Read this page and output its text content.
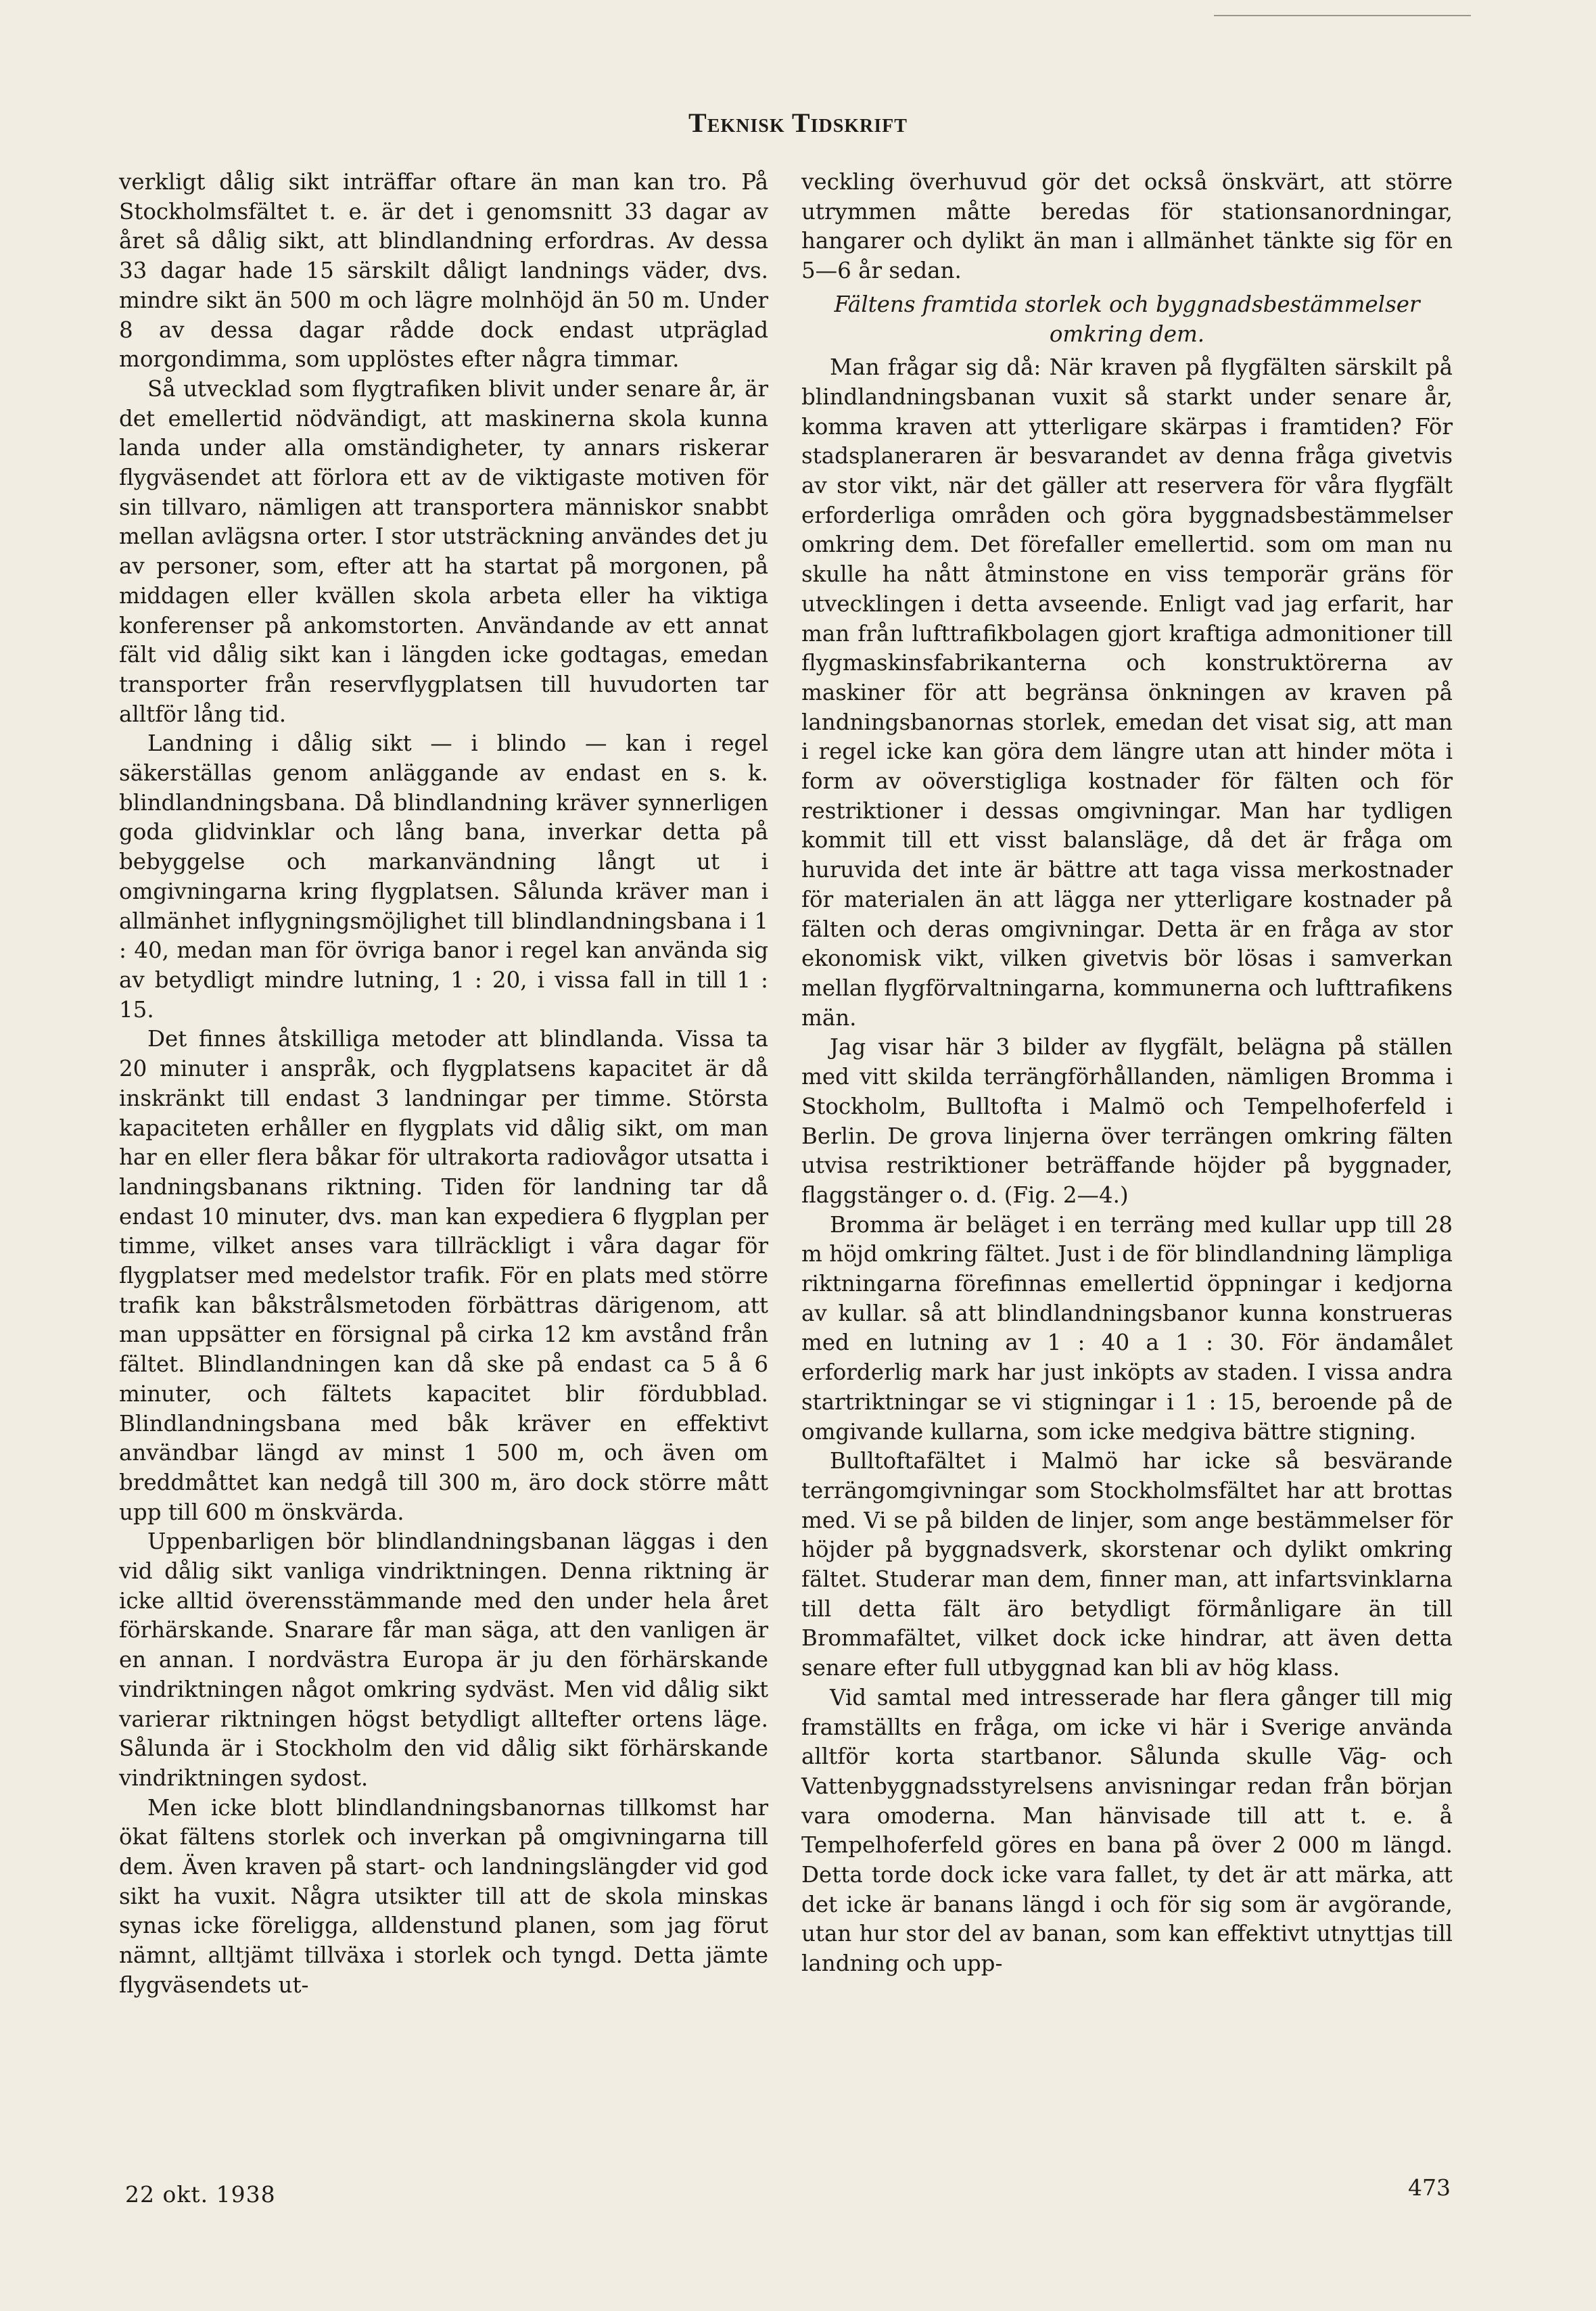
Teknisk Tidskrift

verkligt dålig sikt inträffar oftare än man kan tro. På Stockholmsfältet t. e. är det i genomsnitt 33 dagar av året så dålig sikt, att blindlandning erfordras. Av dessa 33 dagar hade 15 särskilt dåligt landnings väder, dvs. mindre sikt än 500 m och lägre molnhöjd än 50 m. Under 8 av dessa dagar rådde dock endast utpräglad morgondimma, som upplöstes efter några timmar.

Så utvecklad som flygtrafiken blivit under senare år, är det emellertid nödvändigt, att maskinerna skola kunna landa under alla omständigheter, ty annars riskerar flygväsendet att förlora ett av de viktigaste motiven för sin tillvaro, nämligen att transportera människor snabbt mellan avlägsna orter. I stor utsträckning användes det ju av personer, som, efter att ha startat på morgonen, på middagen eller kvällen skola arbeta eller ha viktiga konferenser på ankomstorten. Användande av ett annat fält vid dålig sikt kan i längden icke godtagas, emedan transporter från reservflygplatsen till huvudorten tar alltför lång tid.

Landning i dålig sikt — i blindo — kan i regel säkerställas genom anläggande av endast en s. k. blindlandningsbana. Då blindlandning kräver synnerligen goda glidvinklar och lång bana, inverkar detta på bebyggelse och markanvändning långt ut i omgivningarna kring flygplatsen. Sålunda kräver man i allmänhet inflygningsmöjlighet till blindlandningsbana i 1 : 40, medan man för övriga banor i regel kan använda sig av betydligt mindre lutning, 1 : 20, i vissa fall in till 1 : 15.

Det finnes åtskilliga metoder att blindlanda. Vissa ta 20 minuter i anspråk, och flygplatsens kapacitet är då inskränkt till endast 3 landningar per timme. Största kapaciteten erhåller en flygplats vid dålig sikt, om man har en eller flera båkar för ultrakorta radiovågor utsatta i landningsbanans riktning. Tiden för landning tar då endast 10 minuter, dvs. man kan expediera 6 flygplan per timme, vilket anses vara tillräckligt i våra dagar för flygplatser med medelstor trafik. För en plats med större trafik kan båkstrålsmetoden förbättras därigenom, att man uppsätter en försignal på cirka 12 km avstånd från fältet. Blindlandningen kan då ske på endast ca 5 å 6 minuter, och fältets kapacitet blir fördubblad. Blindlandningsbana med båk kräver en effektivt användbar längd av minst 1 500 m, och även om breddmåttet kan nedgå till 300 m, äro dock större mått upp till 600 m önskvärda.

Uppenbarligen bör blindlandningsbanan läggas i den vid dålig sikt vanliga vindriktningen. Denna riktning är icke alltid överensstämmande med den under hela året förhärskande. Snarare får man säga, att den vanligen är en annan. I nordvästra Europa är ju den förhärskande vindriktningen något omkring sydväst. Men vid dålig sikt varierar riktningen högst betydligt alltefter ortens läge. Sålunda är i Stockholm den vid dålig sikt förhärskande vindriktningen sydost.

Men icke blott blindlandningsbanornas tillkomst har ökat fältens storlek och inverkan på omgivningarna till dem. Även kraven på start- och landningslängder vid god sikt ha vuxit. Några utsikter till att de skola minskas synas icke föreligga, alldenstund planen, som jag förut nämnt, alltjämt tillväxa i storlek och tyngd. Detta jämte flygväsendets ut-

veckling överhuvud gör det också önskvärt, att större utrymmen måtte beredas för stationsanordningar, hangarer och dylikt än man i allmänhet tänkte sig för en 5—6 år sedan.

Fältens framtida storlek och byggnadsbestämmelser omkring dem.

Man frågar sig då: När kraven på flygfälten särskilt på blindlandningsbanan vuxit så starkt under senare år, komma kraven att ytterligare skärpas i framtiden? För stadsplaneraren är besvarandet av denna fråga givetvis av stor vikt, när det gäller att reservera för våra flygfält erforderliga områden och göra byggnadsbestämmelser omkring dem. Det förefaller emellertid. som om man nu skulle ha nått åtminstone en viss temporär gräns för utvecklingen i detta avseende. Enligt vad jag erfarit, har man från lufttrafikbolagen gjort kraftiga admonitioner till flygmaskinsfabrikanterna och konstruktörerna av maskiner för att begränsa önkningen av kraven på landningsbanornas storlek, emedan det visat sig, att man i regel icke kan göra dem längre utan att hinder möta i form av oöverstigliga kostnader för fälten och för restriktioner i dessas omgivningar. Man har tydligen kommit till ett visst balansläge, då det är fråga om huruvida det inte är bättre att taga vissa merkostnader för materialen än att lägga ner ytterligare kostnader på fälten och deras omgivningar. Detta är en fråga av stor ekonomisk vikt, vilken givetvis bör lösas i samverkan mellan flygförvaltningarna, kommunerna och lufttrafikens män.

Jag visar här 3 bilder av flygfält, belägna på ställen med vitt skilda terrängförhållanden, nämligen Bromma i Stockholm, Bulltofta i Malmö och Tempelhoferfeld i Berlin. De grova linjerna över terrängen omkring fälten utvisa restriktioner beträffande höjder på byggnader, flaggstänger o. d. (Fig. 2—4.)

Bromma är beläget i en terräng med kullar upp till 28 m höjd omkring fältet. Just i de för blindlandning lämpliga riktningarna förefinnas emellertid öppningar i kedjorna av kullar. så att blindlandningsbanor kunna konstrueras med en lutning av 1 : 40 a 1 : 30. För ändamålet erforderlig mark har just inköpts av staden. I vissa andra startriktningar se vi stigningar i 1 : 15, beroende på de omgivande kullarna, som icke medgiva bättre stigning.

Bulltoftafältet i Malmö har icke så besvärande terrängomgivningar som Stockholmsfältet har att brottas med. Vi se på bilden de linjer, som ange bestämmelser för höjder på byggnadsverk, skorstenar och dylikt omkring fältet. Studerar man dem, finner man, att infartsvinklarna till detta fält äro betydligt förmånligare än till Brommafältet, vilket dock icke hindrar, att även detta senare efter full utbyggnad kan bli av hög klass.

Vid samtal med intresserade har flera gånger till mig framställts en fråga, om icke vi här i Sverige använda alltför korta startbanor. Sålunda skulle Väg- och Vattenbyggnadsstyrelsens anvisningar redan från början vara omoderna. Man hänvisade till att t. e. å Tempelhoferfeld göres en bana på över 2 000 m längd. Detta torde dock icke vara fallet, ty det är att märka, att det icke är banans längd i och för sig som är avgörande, utan hur stor del av banan, som kan effektivt utnyttjas till landning och upp-

22 okt. 1938	473
